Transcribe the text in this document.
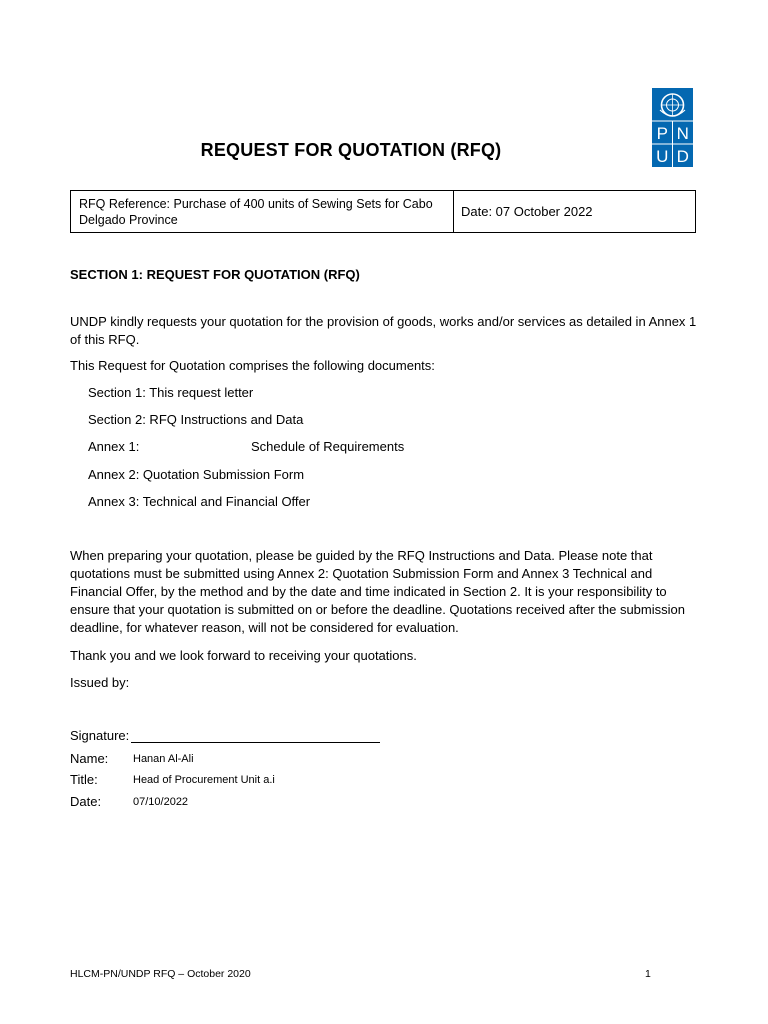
P N
U D
REQUEST FOR QUOTATION (RFQ)
RFQ Reference: Purchase of 400 units of Sewing Sets for Cabo Delgado Province
Date: 07 October 2022
SECTION 1: REQUEST FOR QUOTATION (RFQ)
UNDP kindly requests your quotation for the provision of goods, works and/or services as detailed in Annex 1 of this RFQ.
This Request for Quotation comprises the following documents:
Section 1: This request letter
Section 2: RFQ Instructions and Data
Annex 1:	Schedule of Requirements
Annex 2: Quotation Submission Form
Annex 3: Technical and Financial Offer
When preparing your quotation, please be guided by the RFQ Instructions and Data. Please note that quotations must be submitted using Annex 2: Quotation Submission Form and Annex 3 Technical and Financial Offer, by the method and by the date and time indicated in Section 2. It is your responsibility to ensure that your quotation is submitted on or before the deadline. Quotations received after the submission deadline, for whatever reason, will not be considered for evaluation.
Thank you and we look forward to receiving your quotations.
Issued by:
Signature:
Name: Hanan Al-Ali
Title:	Head of Procurement Unit a.i
Date:	07/10/2022
HLCM-PN/UNDP RFQ – October 2020	1
